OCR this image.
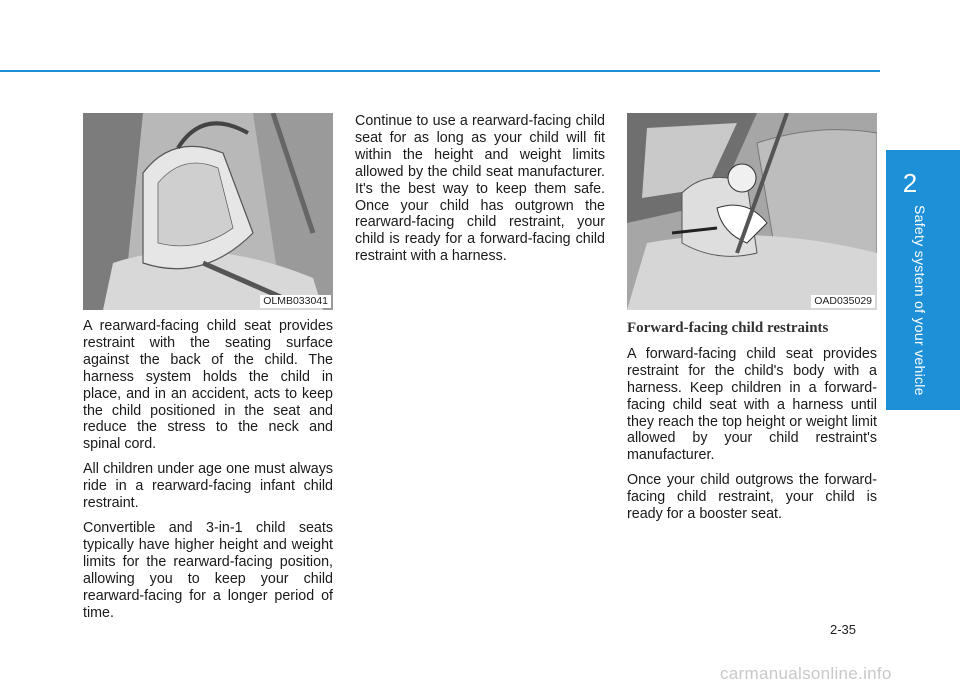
2
Safety system of your vehicle
OLMB033041

A rearward-facing child seat provides restraint with the seating surface against the back of the child. The harness system holds the child in place, and in an accident, acts to keep the child positioned in the seat and reduce the stress to the neck and spinal cord.

All children under age one must always ride in a rearward-facing infant child restraint.

Convertible and 3-in-1 child seats typically have higher height and weight limits for the rearward-facing position, allowing you to keep your child rearward-facing for a longer period of time.

Continue to use a rearward-facing child seat for as long as your child will fit within the height and weight limits allowed by the child seat manufacturer. It's the best way to keep them safe. Once your child has outgrown the rearward-facing child restraint, your child is ready for a forward-facing child restraint with a harness.

OAD035029
Forward-facing child restraints

A forward-facing child seat provides restraint for the child's body with a harness. Keep children in a forward-facing child seat with a harness until they reach the top height or weight limit allowed by your child restraint's manufacturer.

Once your child outgrows the forward-facing child restraint, your child is ready for a booster seat.

2-35
carmanualsonline.info
